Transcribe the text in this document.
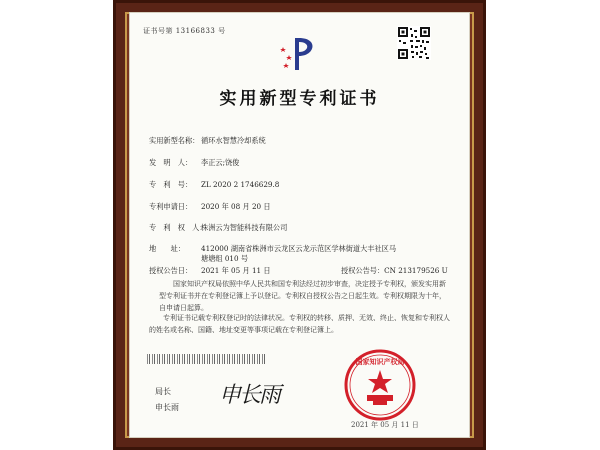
证书号第 13166833 号
实用新型专利证书
实用新型名称： 循环水智慧冷却系统
发　明　人： 李正云;饶俊
专　利　号： ZL 2020 2 1746629.8
专利申请日： 2020 年 08 月 20 日
专　利　权　人：株洲云为智能科技有限公司
地　　址： 412000 湖南省株洲市云龙区云龙示范区学林街道大丰社区马
塘塘组 010 号
授权公告日： 2021 年 05 月 11 日	授权公告号：CN 213179526 U
国家知识产权局依照中华人民共和国专利法经过初步审查，决定授予专利权，颁发实用新型专利证书并在专利登记簿上予以登记。专利权自授权公告之日起生效。专利权期限为十年，自申请日起算。
专利证书记载专利权登记时的法律状况。专利权的转移、质押、无效、终止、恢复和专利权人的姓名或名称、国籍、地址变更等事项记载在专利登记簿上。
局长
申长雨 申长雨
国家知识产权局
2021 年 05 月 11 日
